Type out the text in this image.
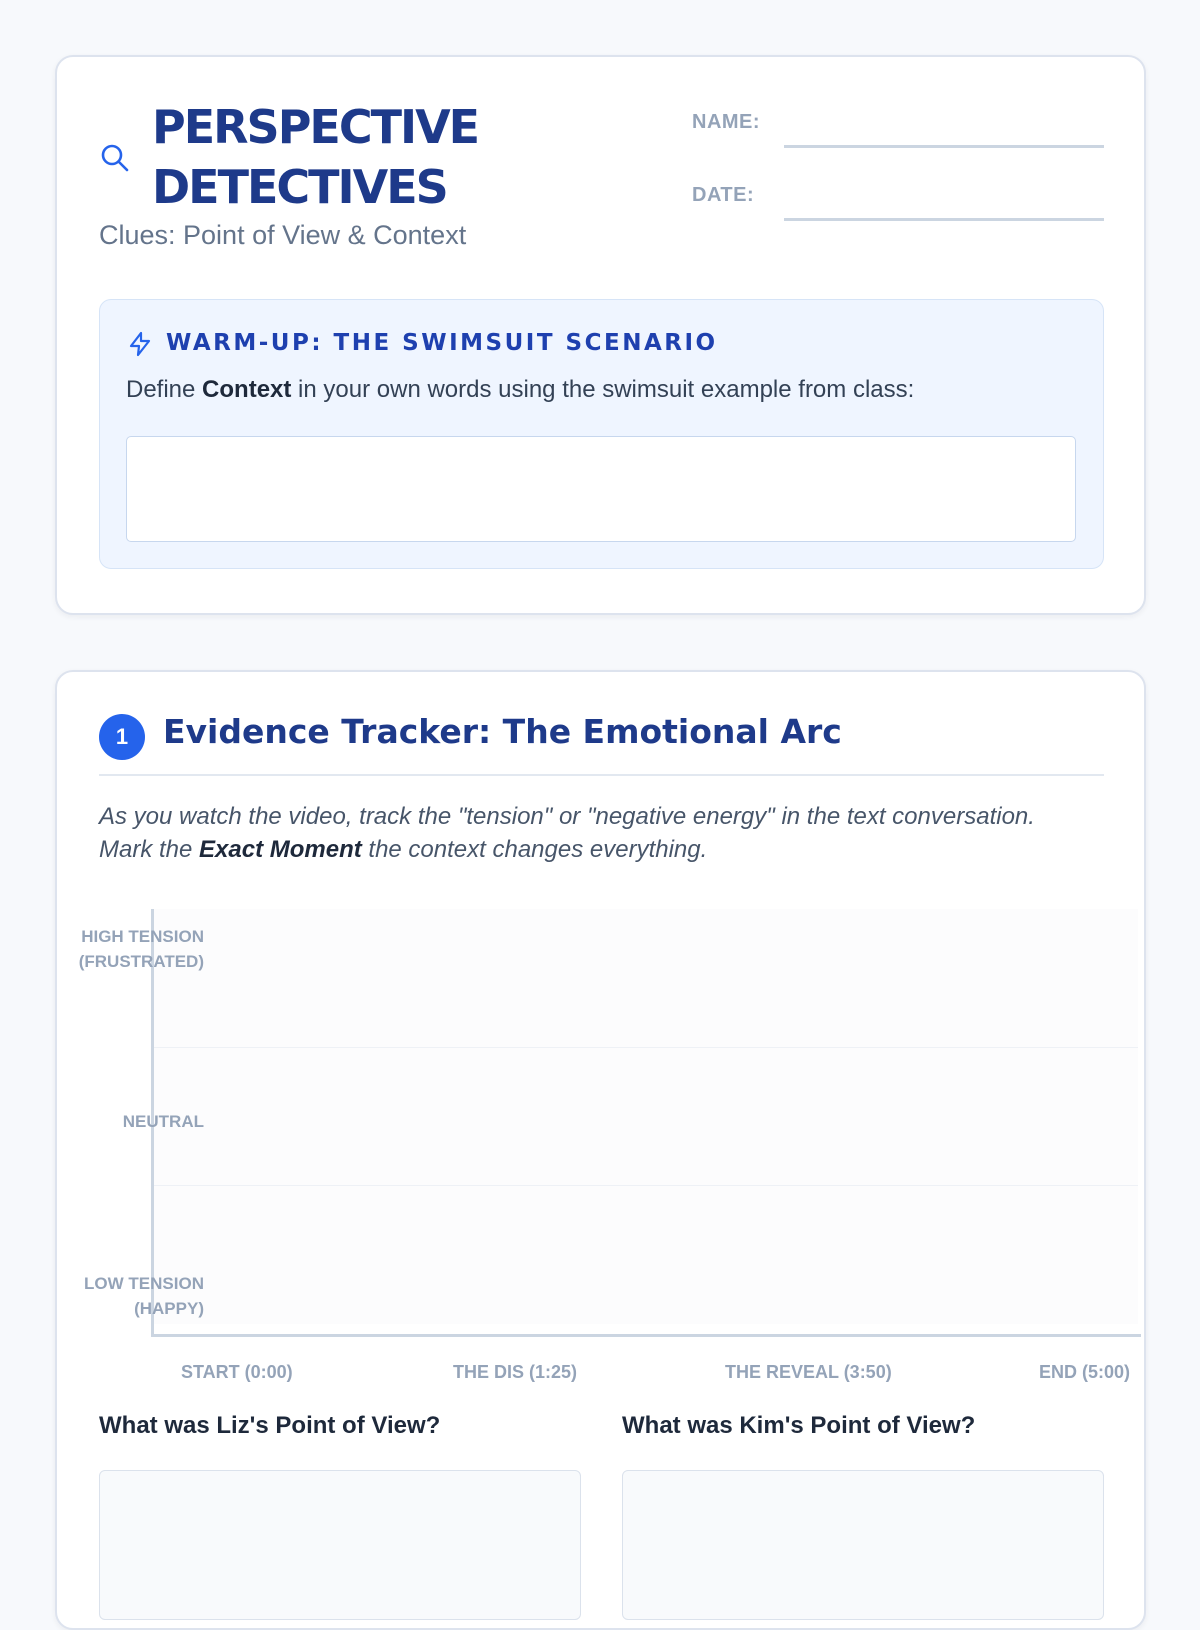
PERSPECTIVE
DETECTIVES

Clues: Point of View & Context

NAME:
DATE:
WARM-UP: THE SWIMSUIT SCENARIO
Define Context in your own words using the swimsuit example from class:
1	Evidence Tracker: The Emotional Arc

As you watch the video, track the "tension" or "negative energy" in the text conversation.
Mark the Exact Moment the context changes everything.

HIGH TENSION
(FRUSTRATED)
NEUTRAL
LOW TENSION
(HAPPY)
START (0:00)	THE DIS (1:25)	THE REVEAL (3:50)	END (5:00)
What was Liz's Point of View?	What was Kim's Point of View?
